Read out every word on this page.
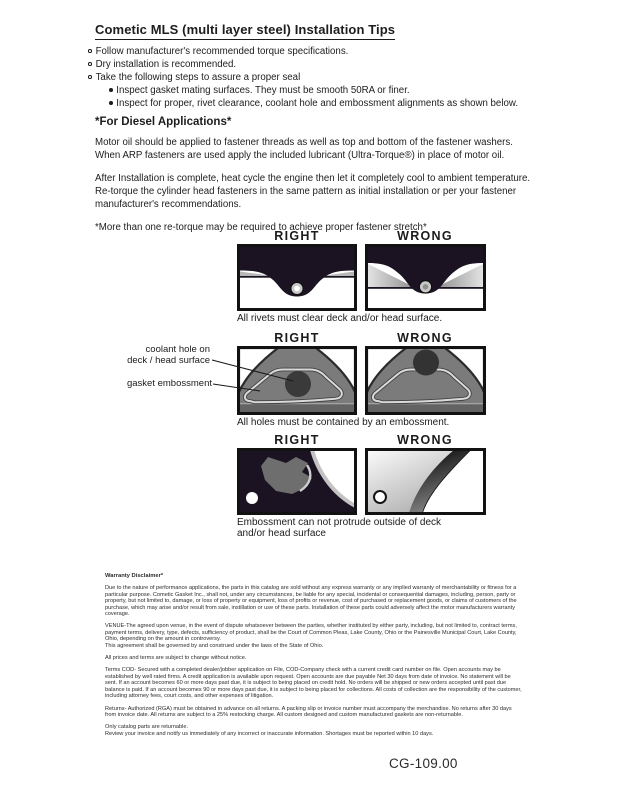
Cometic MLS (multi layer steel) Installation Tips
Follow manufacturer's recommended torque specifications.
Dry installation is recommended.
Take the following steps to assure a proper seal
Inspect gasket mating surfaces. They must be smooth 50RA or finer.
Inspect for proper, rivet clearance, coolant hole and embossment alignments as shown below.
*For Diesel Applications*

Motor oil should be applied to fastener threads as well as top and bottom of the fastener washers. When ARP fasteners are used apply the included lubricant (Ultra-Torque®) in place of motor oil.

After Installation is complete, heat cycle the engine then let it completely cool to ambient temperature. Re-torque the cylinder head fasteners in the same pattern as initial installation or per your fastener manufacturer's recommendations.

*More than one re-torque may be required to achieve proper fastener stretch*

RIGHT	WRONG
All rivets must clear deck and/or head surface.
RIGHT	WRONG
All holes must be contained by an embossment.
coolant hole on
deck / head surface
gasket embossment
RIGHT	WRONG
Embossment can not protrude outside of deck
and/or head surface
Warranty Disclaimer*

Due to the nature of performance applications, the parts in this catalog are sold without any express warranty or any implied warranty of merchantability or fitness for a particular purpose. Cometic Gasket Inc., shall not, under any circumstances, be liable for any special, incidental or consequential damages, including, person, party or property, but not limited to, damage, or loss of property or equipment, loss of profits or revenue, cost of purchased or replacement goods, or claims of customers of the purchase, which may arise and/or result from sale, instillation or use of these parts. Installation of these parts could adversely affect the motor manufacturers warranty coverage.

VENUE-The agreed upon venue, in the event of dispute whatsoever between the parties, whether instituted by either party, including, but not limited to, contract terms, payment terms, delivery, type, defects, sufficiency of product, shall be the Court of Common Pleas, Lake County, Ohio or the Painesville Municipal Court, Lake County, Ohio, depending on the amount in controversy.

This agreement shall be governed by and construed under the laws of the State of Ohio.

All prices and terms are subject to change without notice.

Terms COD- Secured with a completed dealer/jobber application on File, COD-Company check with a current credit card number on file. Open accounts may be established by well rated firms. A credit application is available upon request. Open accounts are due payable Net 30 days from date of invoice. No statement will be sent. If an account becomes 60 or more days past due, it is subject to being placed on credit hold. No orders will be shipped or new orders accepted until past due balance is paid. If an account becomes 90 or more days past due, it is subject to being placed for collections. All costs of collection are the responsibility of the customer, including attorney fees, court costs, and other expenses of litigation.

Returns- Authorized (RGA) must be obtained in advance on all returns. A packing slip or invoice number must accompany the merchandise. No returns after 30 days from invoice date. All returns are subject to a 25% restocking charge. All custom designed and custom manufactured gaskets are non-returnable.

Only catalog parts are returnable.

Review your invoice and notify us immediately of any incorrect or inaccurate information. Shortages must be reported within 10 days.

CG-109.00
